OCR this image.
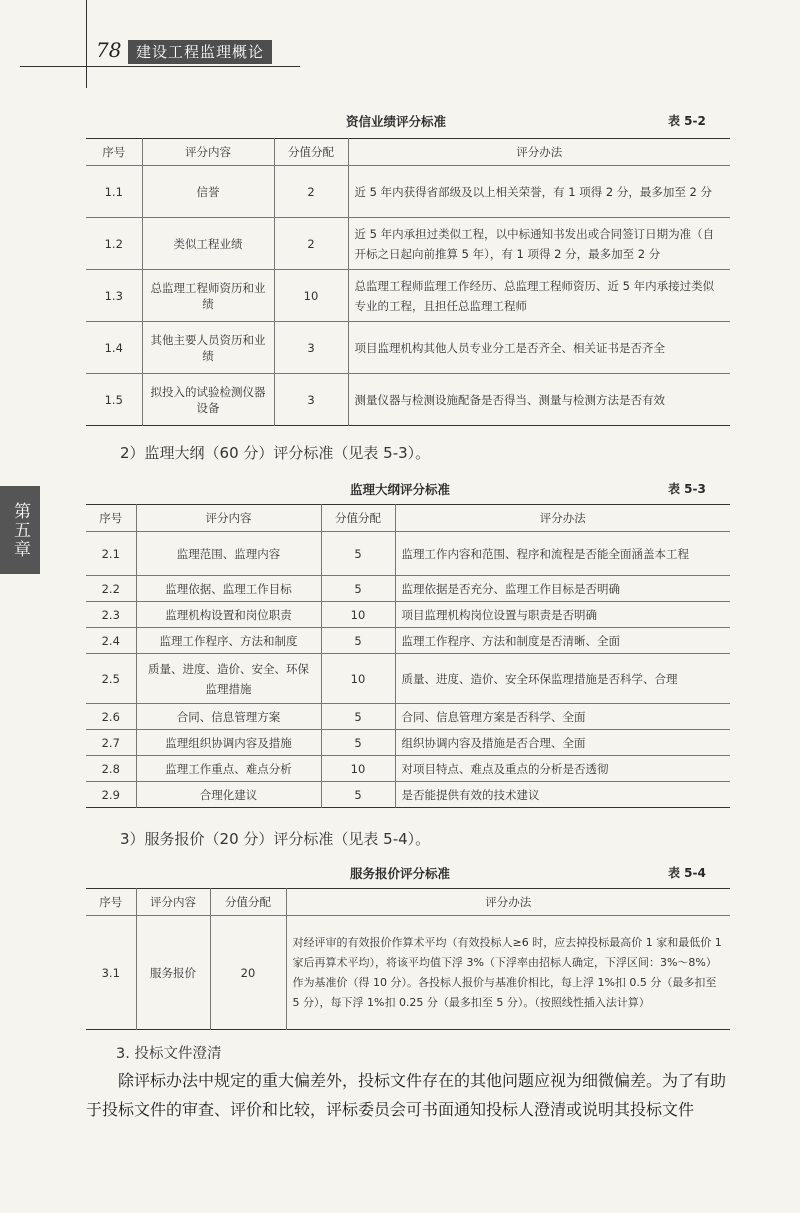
78 建设工程监理概论
第五章
资信业绩评分标准	表 5-2
序号	评分内容	分值分配	评分办法
1.1	信誉	2	近 5 年内获得省部级及以上相关荣誉，有 1 项得 2 分，最多加至 2 分
1.2	类似工程业绩	2	近 5 年内承担过类似工程，以中标通知书发出或合同签订日期为准（自开标之日起向前推算 5 年），有 1 项得 2 分，最多加至 2 分
1.3	总监理工程师资历和业绩	10	总监理工程师监理工作经历、总监理工程师资历、近 5 年内承接过类似专业的工程，且担任总监理工程师
1.4	其他主要人员资历和业绩	3	项目监理机构其他人员专业分工是否齐全、相关证书是否齐全
1.5	拟投入的试验检测仪器设备	3	测量仪器与检测设施配备是否得当、测量与检测方法是否有效
2）监理大纲（60 分）评分标准（见表 5-3）。
监理大纲评分标准	表 5-3
序号	评分内容	分值分配	评分办法
2.1	监理范围、监理内容	5	监理工作内容和范围、程序和流程是否能全面涵盖本工程
2.2	监理依据、监理工作目标	5	监理依据是否充分、监理工作目标是否明确
2.3	监理机构设置和岗位职责	10	项目监理机构岗位设置与职责是否明确
2.4	监理工作程序、方法和制度	5	监理工作程序、方法和制度是否清晰、全面
2.5	质量、进度、造价、安全、环保监理措施	10	质量、进度、造价、安全环保监理措施是否科学、合理
2.6	合同、信息管理方案	5	合同、信息管理方案是否科学、全面
2.7	监理组织协调内容及措施	5	组织协调内容及措施是否合理、全面
2.8	监理工作重点、难点分析	10	对项目特点、难点及重点的分析是否透彻
2.9	合理化建议	5	是否能提供有效的技术建议
3）服务报价（20 分）评分标准（见表 5-4）。
服务报价评分标准	表 5-4
序号	评分内容	分值分配	评分办法
3.1	服务报价	20	对经评审的有效报价作算术平均（有效投标人≥6 时，应去掉投标最高价 1 家和最低价 1 家后再算术平均），将该平均值下浮 3%（下浮率由招标人确定，下浮区间：3%～8%）作为基准价（得 10 分）。各投标人报价与基准价相比，每上浮 1%扣 0.5 分（最多扣至 5 分），每下浮 1%扣 0.25 分（最多扣至 5 分）。（按照线性插入法计算）
3. 投标文件澄清
除评标办法中规定的重大偏差外，投标文件存在的其他问题应视为细微偏差。为了有助于投标文件的审查、评价和比较，评标委员会可书面通知投标人澄清或说明其投标文件
